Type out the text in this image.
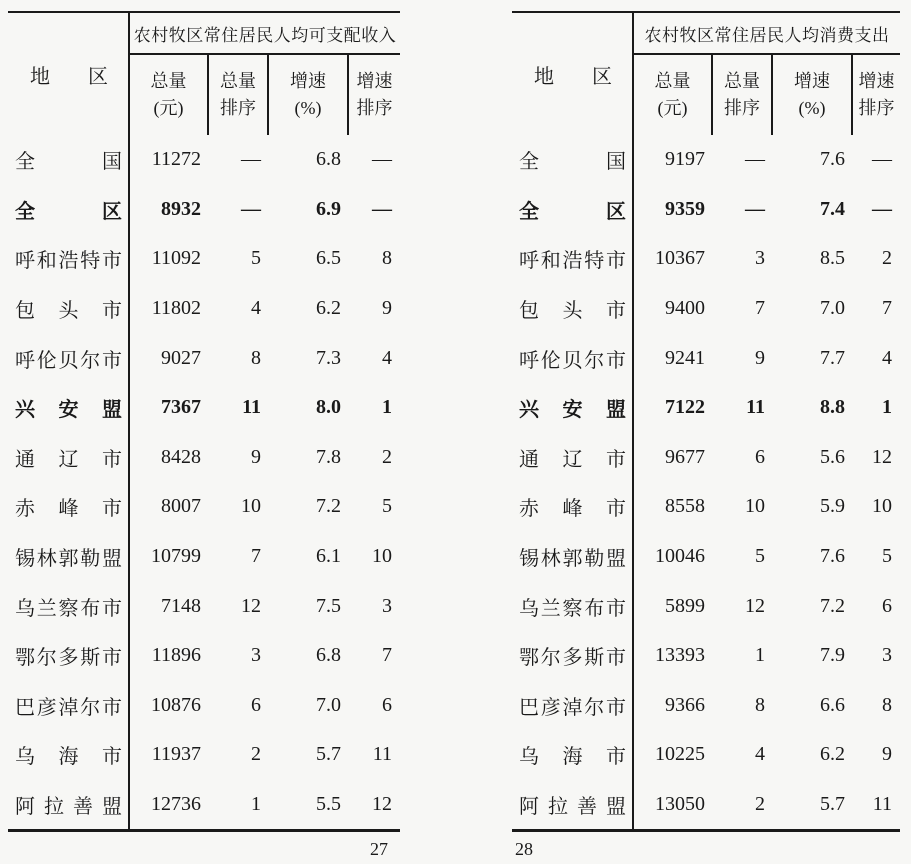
地区
农村牧区常住居民人均可支配收入
总量
(元)
总量
排序
增速
(%)
增速
排序
全国	11272	—	6.8	—
全区	8932	—	6.9	—
呼和浩特市	11092	5	6.5	8
包头市	11802	4	6.2	9
呼伦贝尔市	9027	8	7.3	4
兴安盟	7367	11	8.0	1
通辽市	8428	9	7.8	2
赤峰市	8007	10	7.2	5
锡林郭勒盟	10799	7	6.1	10
乌兰察布市	7148	12	7.5	3
鄂尔多斯市	11896	3	6.8	7
巴彦淖尔市	10876	6	7.0	6
乌海市	11937	2	5.7	11
阿拉善盟	12736	1	5.5	12
27
地区
农村牧区常住居民人均消费支出
总量
(元)
总量
排序
增速
(%)
增速
排序
全国	9197	—	7.6	—
全区	9359	—	7.4	—
呼和浩特市	10367	3	8.5	2
包头市	9400	7	7.0	7
呼伦贝尔市	9241	9	7.7	4
兴安盟	7122	11	8.8	1
通辽市	9677	6	5.6	12
赤峰市	8558	10	5.9	10
锡林郭勒盟	10046	5	7.6	5
乌兰察布市	5899	12	7.2	6
鄂尔多斯市	13393	1	7.9	3
巴彦淖尔市	9366	8	6.6	8
乌海市	10225	4	6.2	9
阿拉善盟	13050	2	5.7	11
28
